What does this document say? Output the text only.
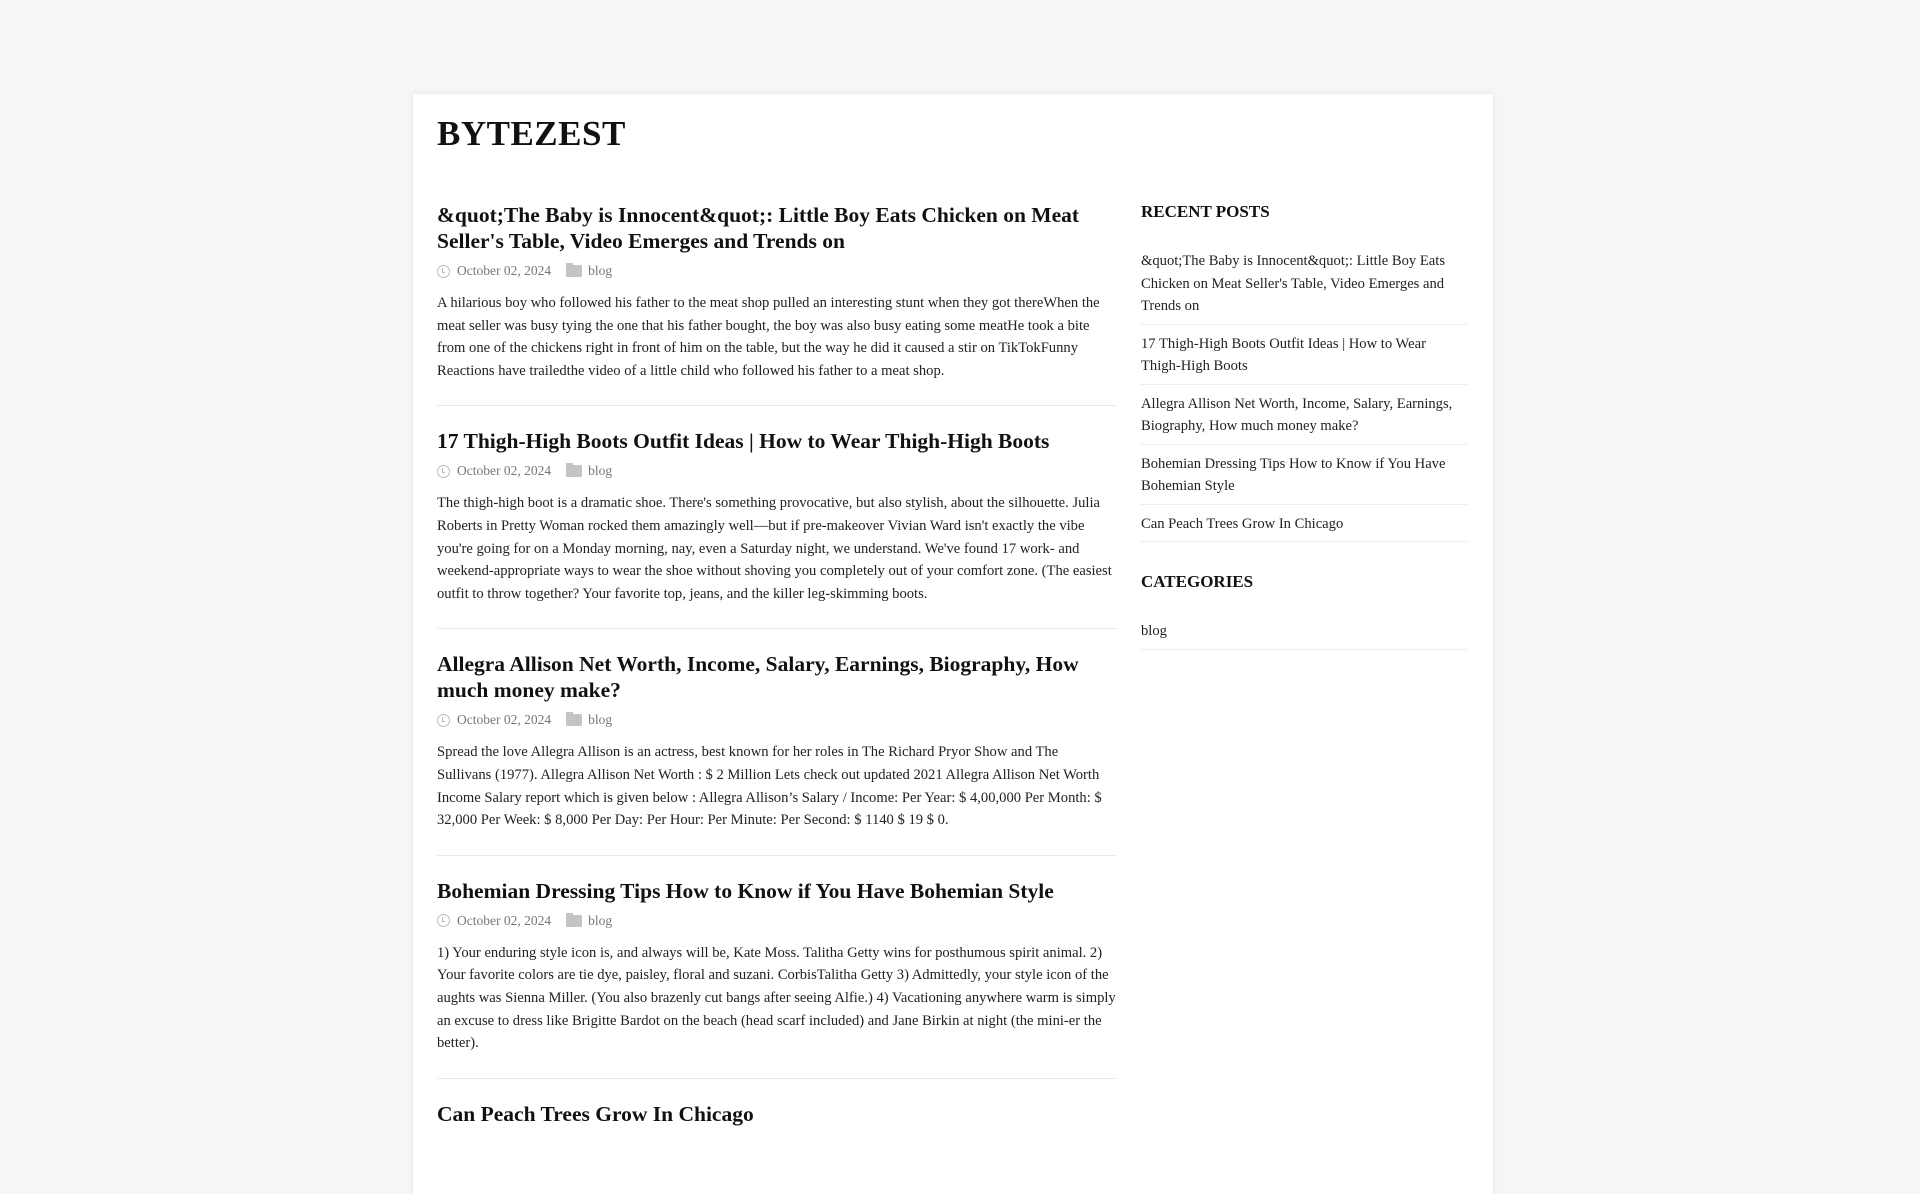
BYTEZEST
&quot;The Baby is Innocent&quot;: Little Boy Eats Chicken on Meat Seller's Table, Video Emerges and Trends on
October 02, 2024	blog

A hilarious boy who followed his father to the meat shop pulled an interesting stunt when they got thereWhen the meat seller was busy tying the one that his father bought, the boy was also busy eating some meatHe took a bite from one of the chickens right in front of him on the table, but the way he did it caused a stir on TikTokFunny Reactions have trailedthe video of a little child who followed his father to a meat shop.

17 Thigh-High Boots Outfit Ideas | How to Wear Thigh-High Boots
October 02, 2024	blog

The thigh-high boot is a dramatic shoe. There's something provocative, but also stylish, about the silhouette. Julia Roberts in Pretty Woman rocked them amazingly well—but if pre-makeover Vivian Ward isn't exactly the vibe you're going for on a Monday morning, nay, even a Saturday night, we understand. We've found 17 work- and weekend-appropriate ways to wear the shoe without shoving you completely out of your comfort zone. (The easiest outfit to throw together? Your favorite top, jeans, and the killer leg-skimming boots.

Allegra Allison Net Worth, Income, Salary, Earnings, Biography, How much money make?
October 02, 2024	blog

Spread the love Allegra Allison is an actress, best known for her roles in The Richard Pryor Show and The Sullivans (1977). Allegra Allison Net Worth : $ 2 Million Lets check out updated 2021 Allegra Allison Net Worth Income Salary report which is given below : Allegra Allison’s Salary / Income: Per Year: $ 4,00,000 Per Month: $ 32,000 Per Week: $ 8,000 Per Day: Per Hour: Per Minute: Per Second: $ 1140 $ 19 $ 0.

Bohemian Dressing Tips How to Know if You Have Bohemian Style
October 02, 2024	blog

1) Your enduring style icon is, and always will be, Kate Moss. Talitha Getty wins for posthumous spirit animal. 2) Your favorite colors are tie dye, paisley, floral and suzani. CorbisTalitha Getty 3) Admittedly, your style icon of the aughts was Sienna Miller. (You also brazenly cut bangs after seeing Alfie.) 4) Vacationing anywhere warm is simply an excuse to dress like Brigitte Bardot on the beach (head scarf included) and Jane Birkin at night (the mini-er the better).

Can Peach Trees Grow In Chicago
RECENT POSTS
&quot;The Baby is Innocent&quot;: Little Boy Eats Chicken on Meat Seller's Table, Video Emerges and Trends on
17 Thigh-High Boots Outfit Ideas | How to Wear Thigh-High Boots
Allegra Allison Net Worth, Income, Salary, Earnings, Biography, How much money make?
Bohemian Dressing Tips How to Know if You Have Bohemian Style
Can Peach Trees Grow In Chicago
CATEGORIES
blog
